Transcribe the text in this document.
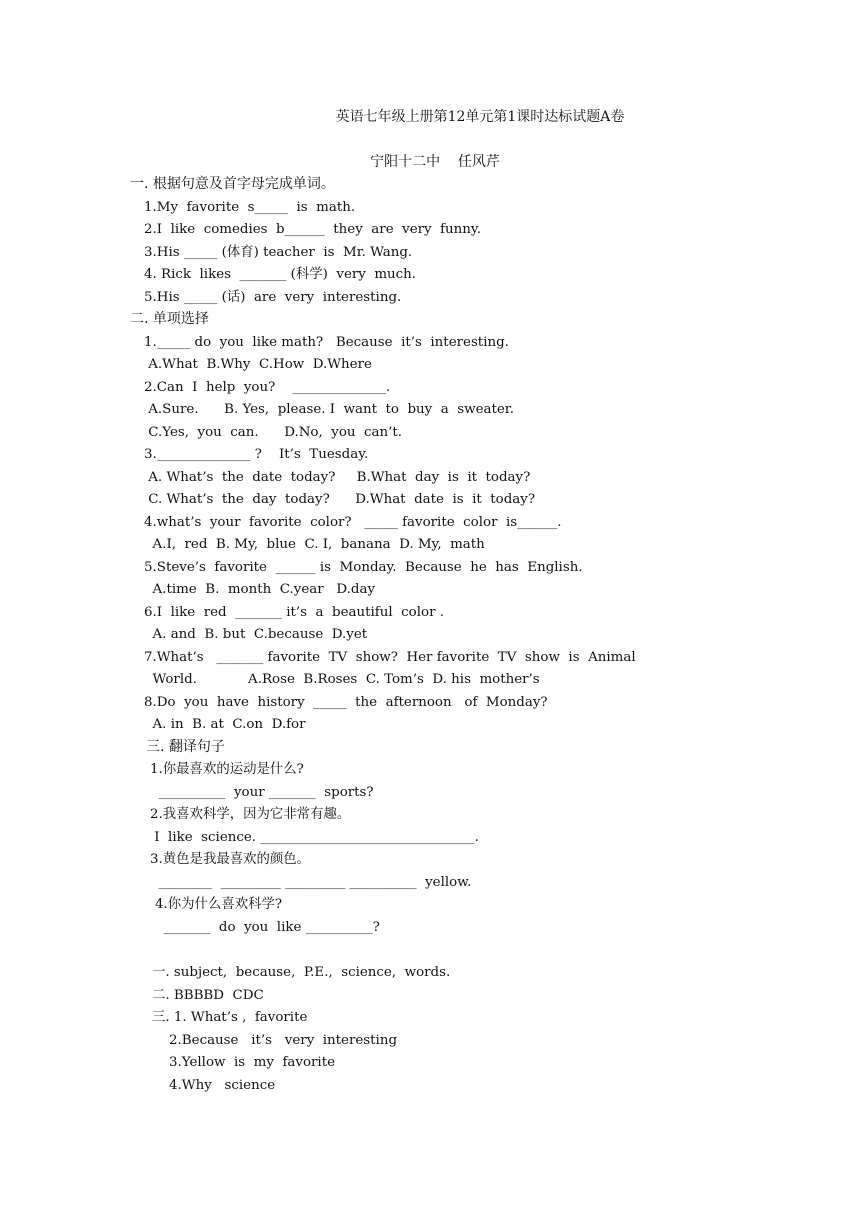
英语七年级上册第12单元第1课时达标试题A卷
宁阳十二中    任风芹
一. 根据句意及首字母完成单词。
1.My  favorite  s_____  is  math.
2.I  like  comedies  b______  they  are  very  funny.
3.His _____ (体育) teacher  is  Mr. Wang.
4. Rick  likes  _______ (科学)  very  much.
5.His _____ (话)  are  very  interesting.
二. 单项选择
1._____ do  you  like math?   Because  it’s  interesting.
A.What  B.Why  C.How  D.Where
2.Can  I  help  you?    ______________.
A.Sure.      B. Yes,  please. I  want  to  buy  a  sweater.
C.Yes,  you  can.      D.No,  you  can’t.
3.______________ ?    It’s  Tuesday.
A. What’s  the  date  today?     B.What  day  is  it  today?
C. What’s  the  day  today?      D.What  date  is  it  today?
4.what’s  your  favorite  color?   _____ favorite  color  is______.
A.I,  red  B. My,  blue  C. I,  banana  D. My,  math
5.Steve’s  favorite  ______ is  Monday.  Because  he  has  English.
A.time  B.  month  C.year   D.day
6.I  like  red  _______ it’s  a  beautiful  color .
A. and  B. but  C.because  D.yet
7.What’s   _______ favorite  TV  show?  Her favorite  TV  show  is  Animal
World.            A.Rose  B.Roses  C. Tom’s  D. his  mother’s
8.Do  you  have  history  _____  the  afternoon   of  Monday?
A. in  B. at  C.on  D.for
三. 翻译句子
1.你最喜欢的运动是什么?
__________  your _______  sports?
2.我喜欢科学，因为它非常有趣。
I  like  science. ________________________________.
3.黄色是我最喜欢的颜色。
________  _________ _________ __________  yellow.
4.你为什么喜欢科学?
_______  do  you  like __________?
一. subject,  because,  P.E.,  science,  words.
二. BBBBD  CDC
三. 1. What’s ,  favorite
2.Because   it’s   very  interesting
3.Yellow  is  my  favorite
4.Why   science
